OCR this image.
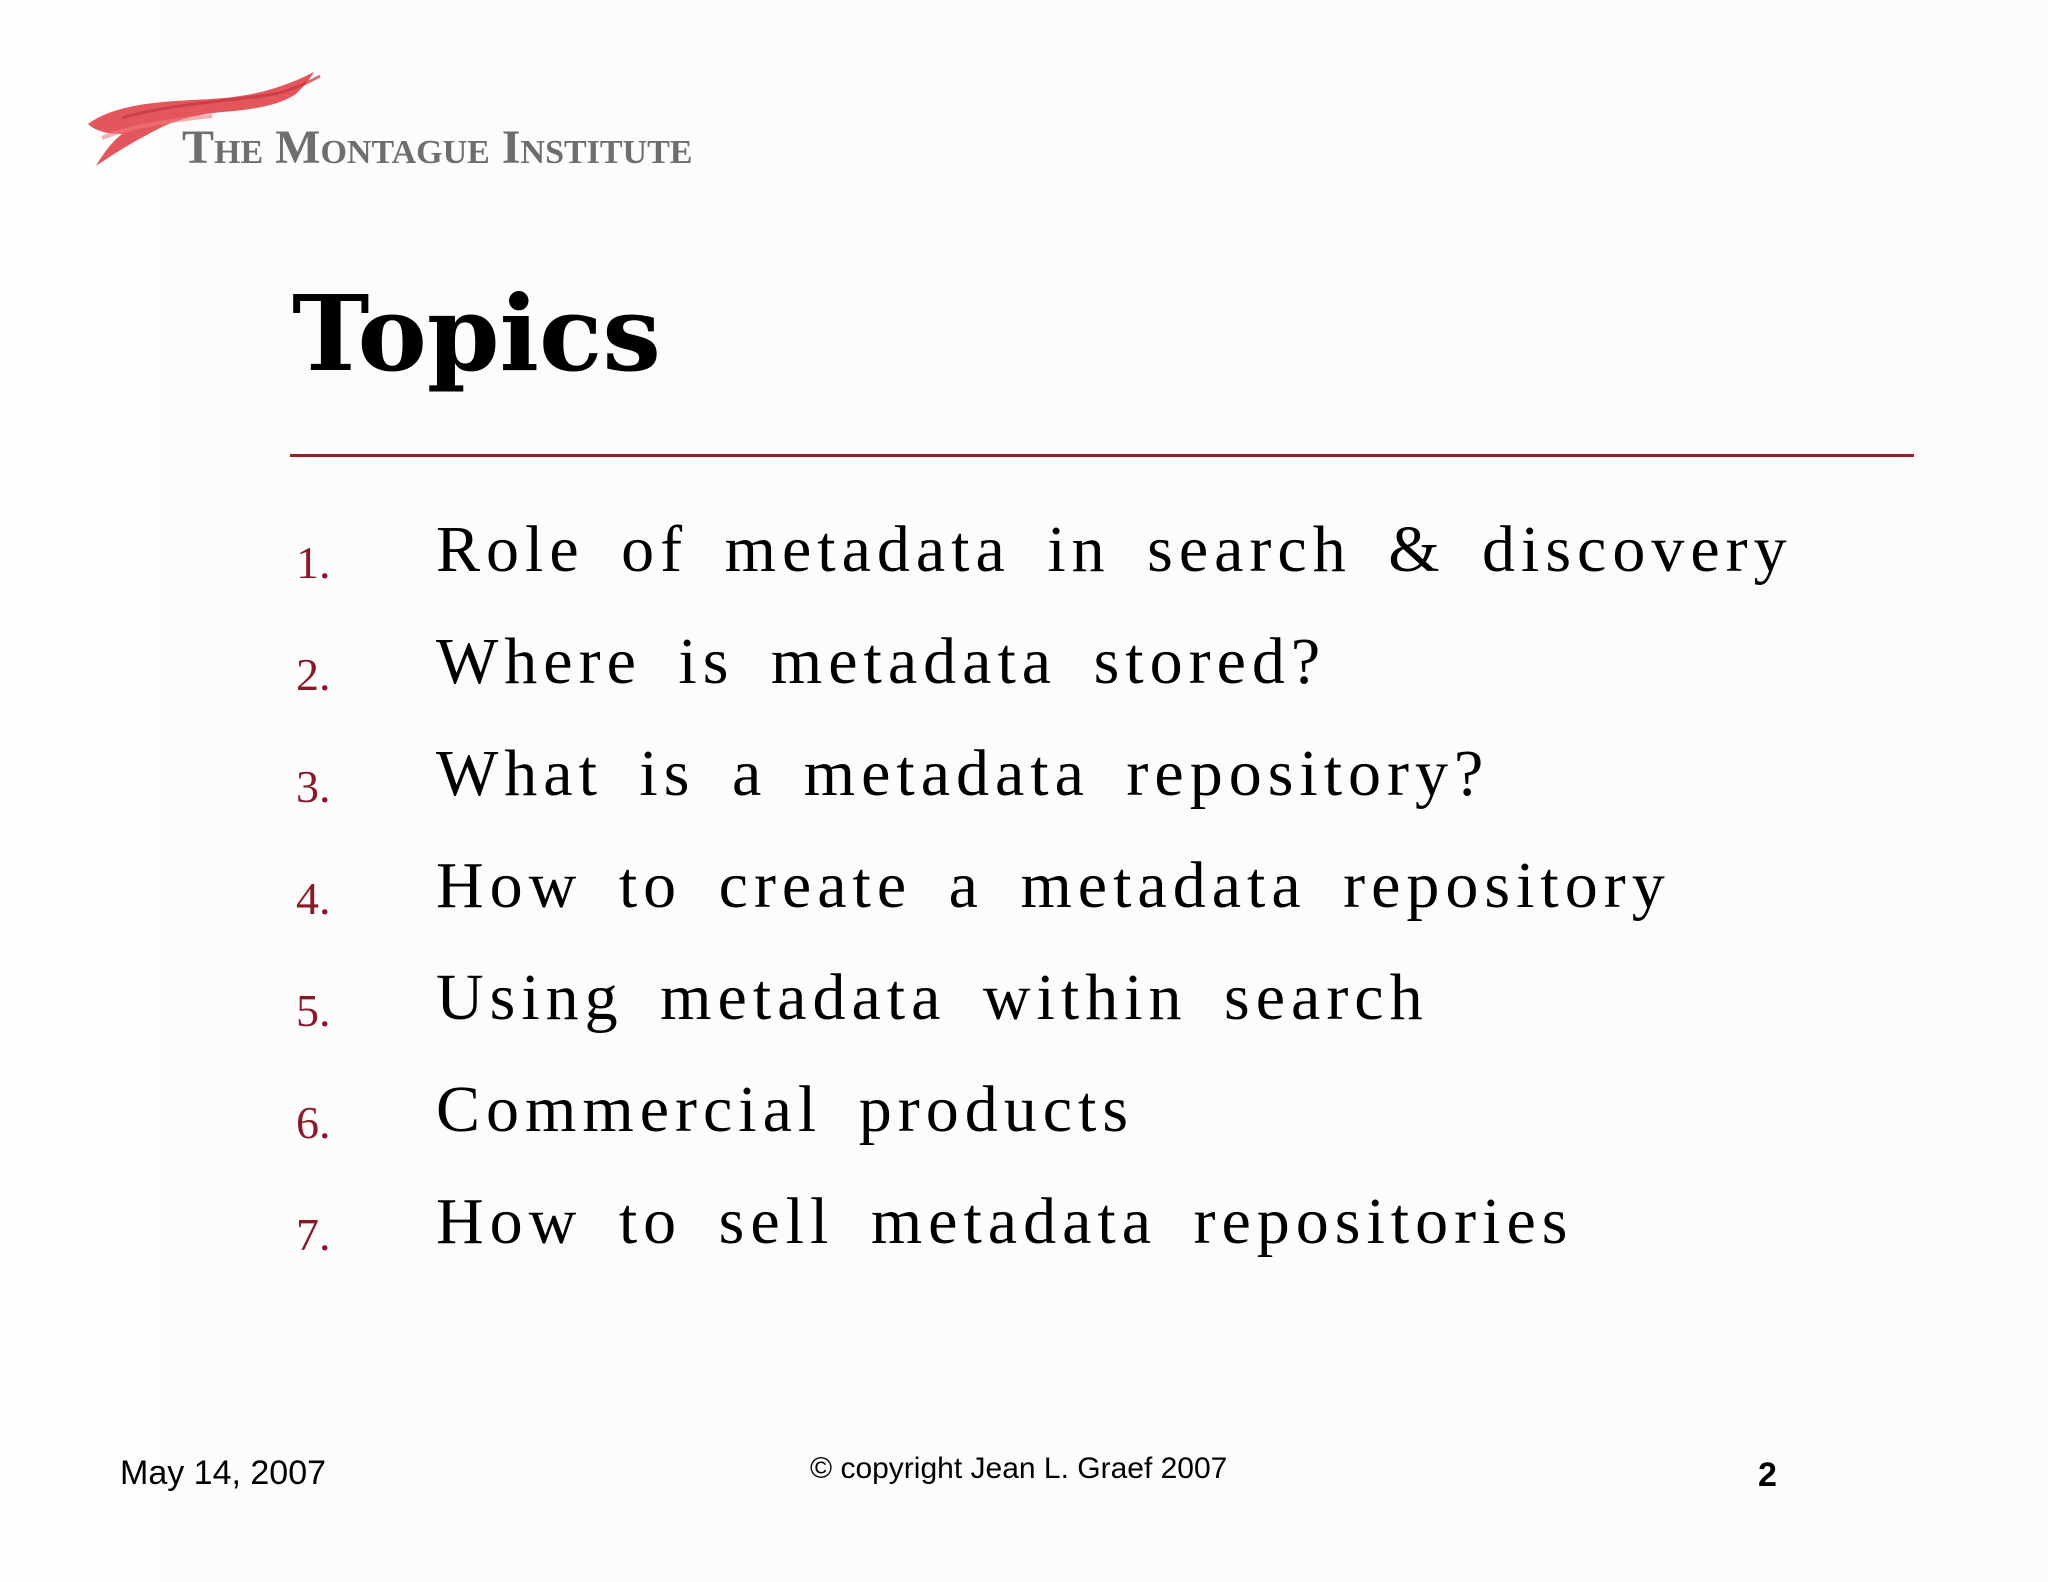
The Montague Institute
Topics
1. Role of metadata in search & discovery
2. Where is metadata stored?
3. What is a metadata repository?
4. How to create a metadata repository
5. Using metadata within search
6. Commercial products
7. How to sell metadata repositories
May 14, 2007	© copyright Jean L. Graef 2007	2
